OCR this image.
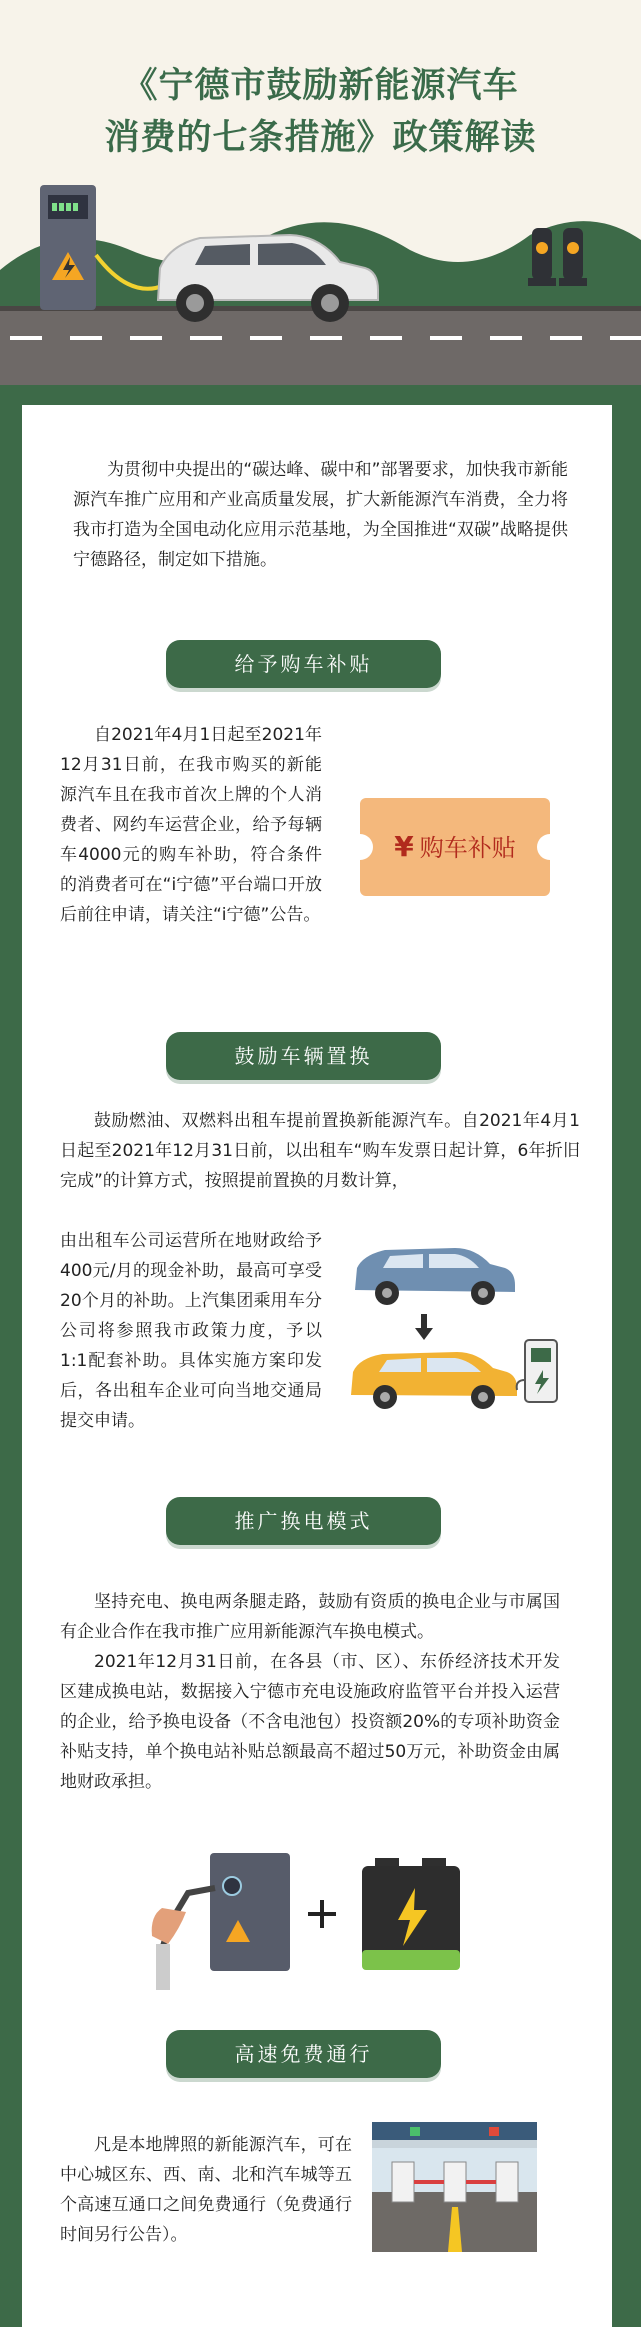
《宁德市鼓励新能源汽车
消费的七条措施》政策解读
为贯彻中央提出的“碳达峰、碳中和”部署要求，加快我市新能源汽车推广应用和产业高质量发展，扩大新能源汽车消费，全力将我市打造为全国电动化应用示范基地，为全国推进“双碳”战略提供宁德路径，制定如下措施。
给予购车补贴
自2021年4月1日起至2021年12月31日前，在我市购买的新能源汽车且在我市首次上牌的个人消费者、网约车运营企业，给予每辆车4000元的购车补助，符合条件的消费者可在“i宁德”平台端口开放后前往申请，请关注“i宁德”公告。
¥ 购车补贴
鼓励车辆置换
鼓励燃油、双燃料出租车提前置换新能源汽车。自2021年4月1日起至2021年12月31日前，以出租车“购车发票日起计算，6年折旧完成”的计算方式，按照提前置换的月数计算，
由出租车公司运营所在地财政给予400元/月的现金补助，最高可享受20个月的补助。上汽集团乘用车分公司将参照我市政策力度，予以1:1配套补助。具体实施方案印发后，各出租车企业可向当地交通局提交申请。
推广换电模式
坚持充电、换电两条腿走路，鼓励有资质的换电企业与市属国有企业合作在我市推广应用新能源汽车换电模式。
2021年12月31日前，在各县（市、区）、东侨经济技术开发区建成换电站，数据接入宁德市充电设施政府监管平台并投入运营的企业，给予换电设备（不含电池包）投资额20%的专项补助资金补贴支持，单个换电站补贴总额最高不超过50万元，补助资金由属地财政承担。
高速免费通行
凡是本地牌照的新能源汽车，可在中心城区东、西、南、北和汽车城等五个高速互通口之间免费通行（免费通行时间另行公告）。
